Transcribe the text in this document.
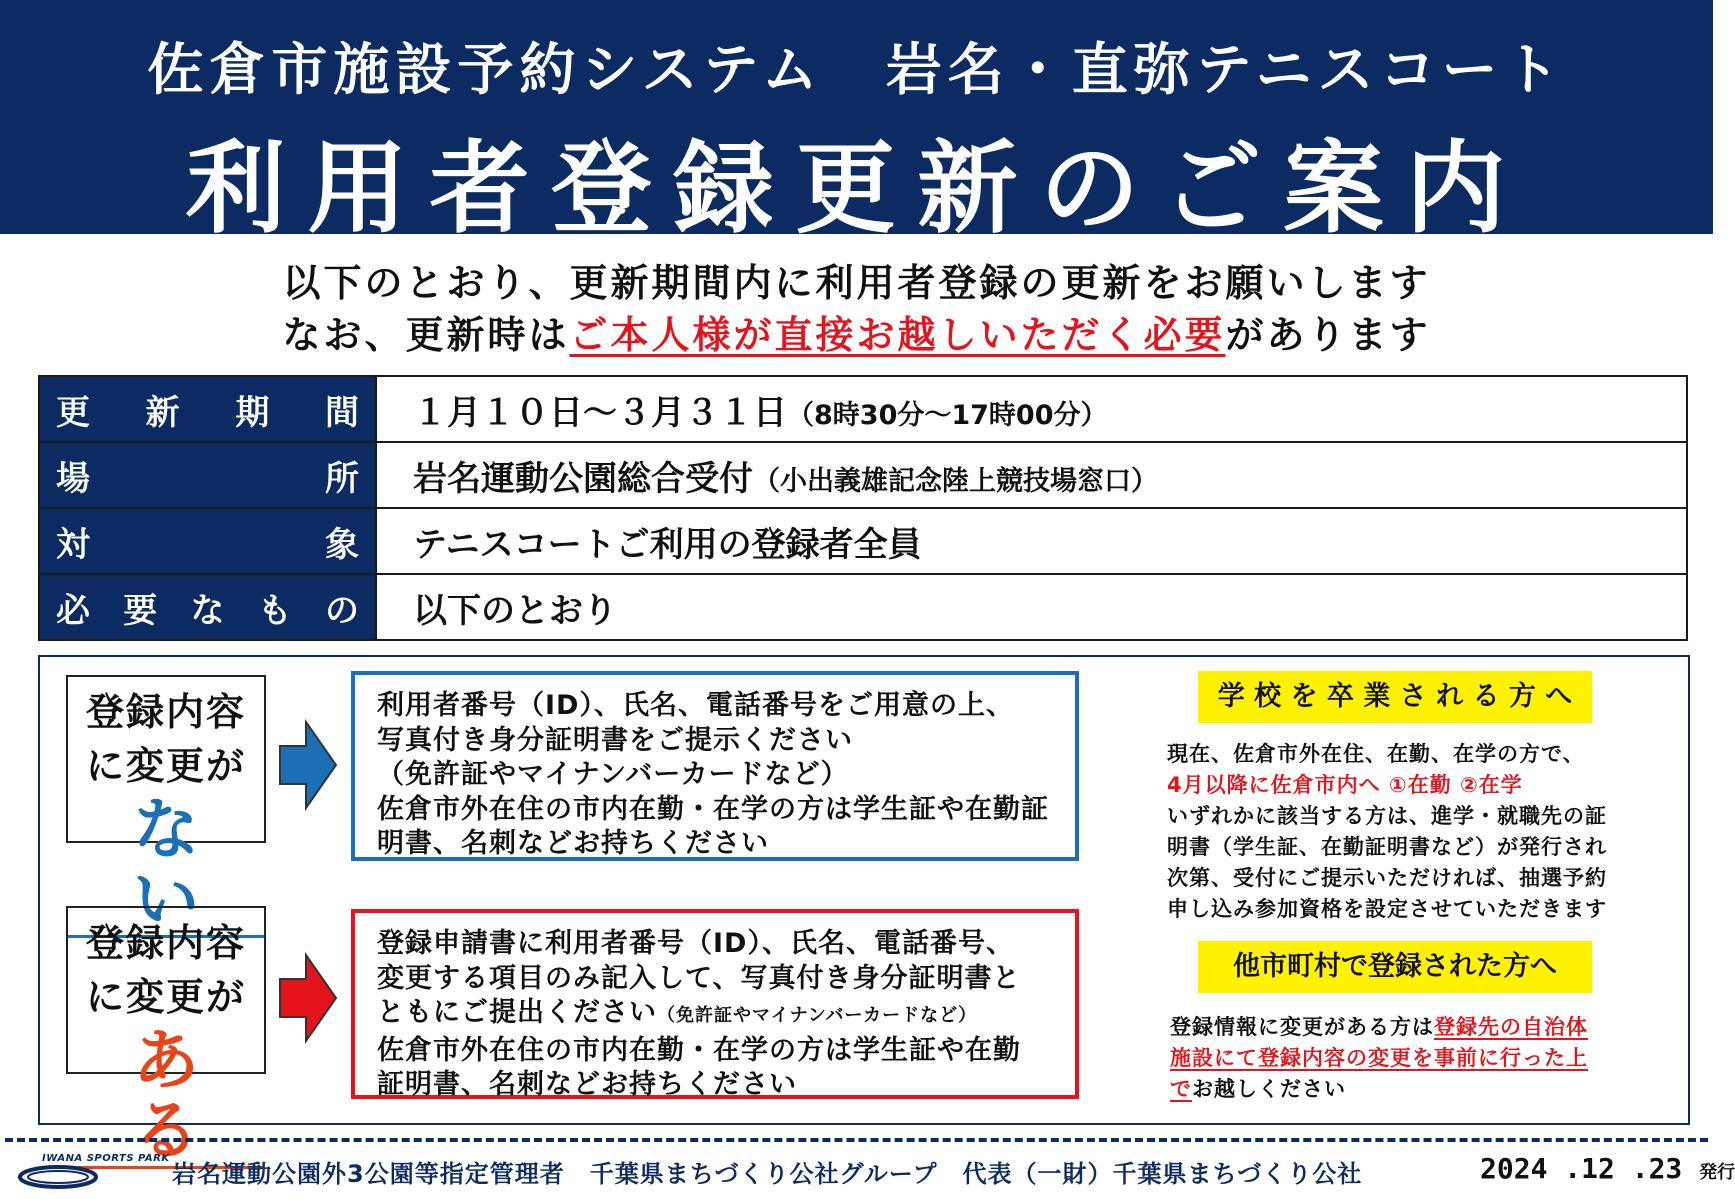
佐倉市施設予約システム　岩名・直弥テニスコート
利用者登録更新のご案内
以下のとおり、更新期間内に利用者登録の更新をお願いします
なお、更新時はご本人様が直接お越しいただく必要があります
更 新 期 間	１月１０日～３月３１日（8時30分～17時00分）

場 所	岩名運動公園総合受付（小出義雄記念陸上競技場窓口）

対 象	テニスコートご利用の登録者全員

必 要 な も の	以下のとおり
登録内容
に変更が
ない
利用者番号（ID）、氏名、電話番号をご用意の上、
写真付き身分証明書をご提示ください
（免許証やマイナンバーカードなど）
佐倉市外在住の市内在勤・在学の方は学生証や在勤証
明書、名刺などお持ちください
登録内容
に変更が
ある
登録申請書に利用者番号（ID）、氏名、電話番号、
変更する項目のみ記入して、写真付き身分証明書と
ともにご提出ください（免許証やマイナンバーカードなど）
佐倉市外在住の市内在勤・在学の方は学生証や在勤
証明書、名刺などお持ちください
学 校 を 卒 業 さ れ る 方 へ
現在、佐倉市外在住、在勤、在学の方で、
4月以降に佐倉市内へ ①在勤 ②在学
いずれかに該当する方は、進学・就職先の証
明書（学生証、在勤証明書など）が発行され
次第、受付にご提示いただければ、抽選予約
申し込み参加資格を設定させていただきます
他市町村で登録された方へ
登録情報に変更がある方は登録先の自治体
施設にて登録内容の変更を事前に行った上
でお越しください
IWANA SPORTS PARK
岩名運動公園外3公園等指定管理者　千葉県まちづくり公社グループ　代表（一財）千葉県まちづくり公社	2024 .12 .23 発行
